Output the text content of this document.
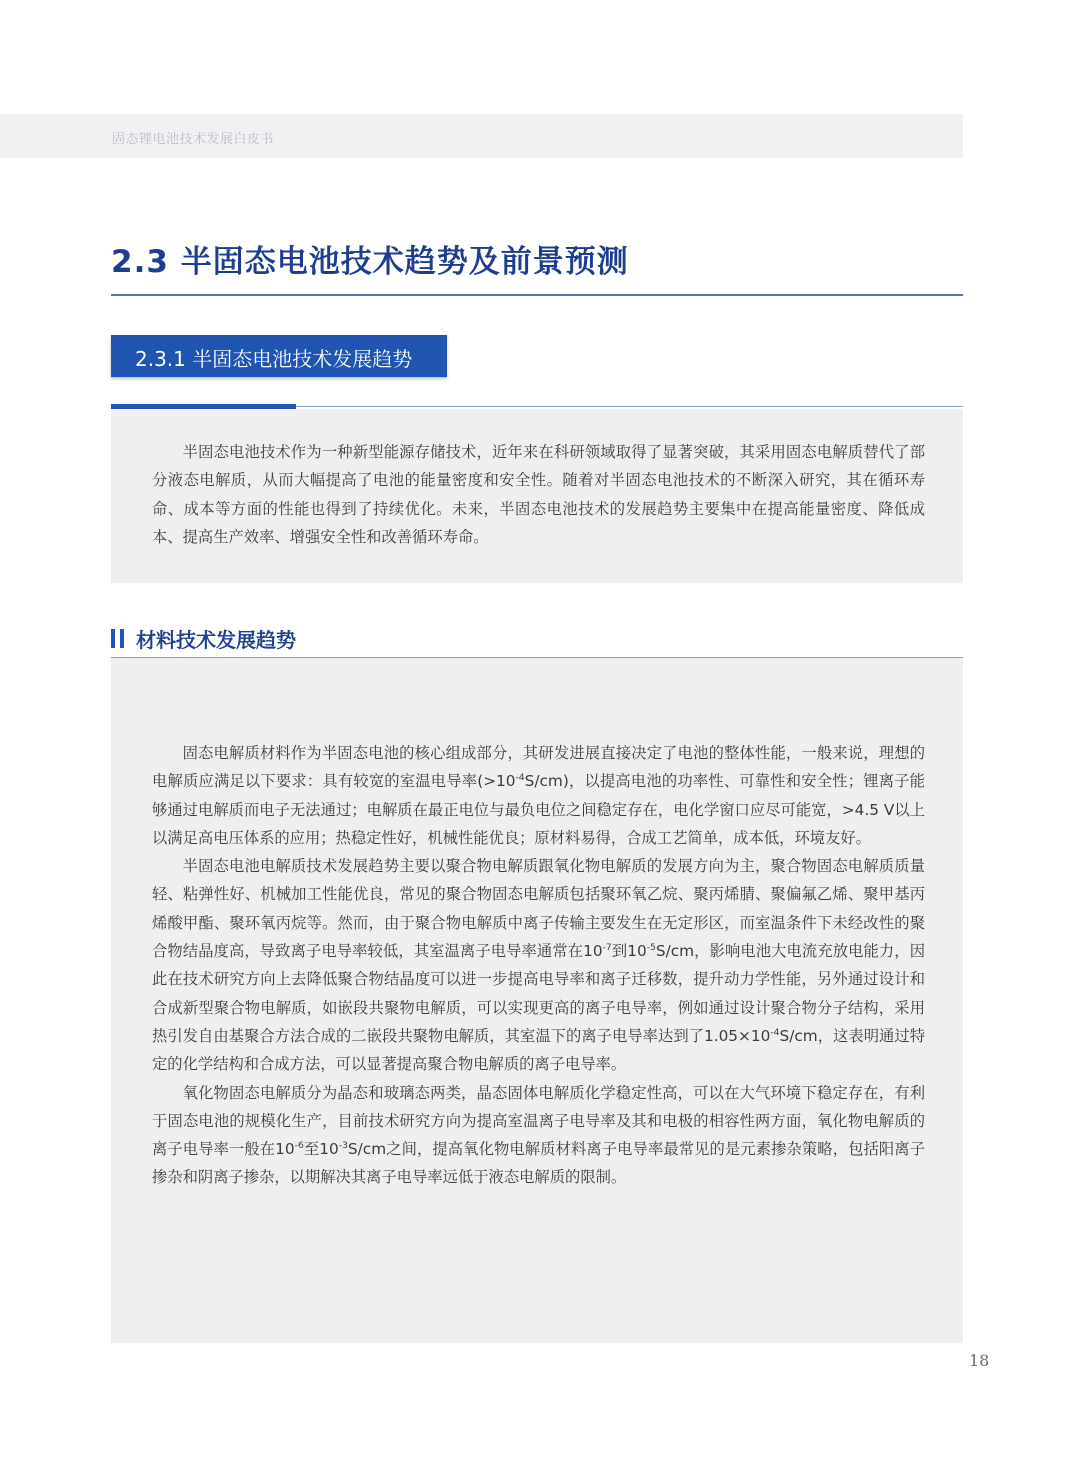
固态锂电池技术发展白皮书
2.3 半固态电池技术趋势及前景预测
2.3.1 半固态电池技术发展趋势

半固态电池技术作为一种新型能源存储技术，近年来在科研领域取得了显著突破，其采用固态电解质替代了部分液态电解质，从而大幅提高了电池的能量密度和安全性。随着对半固态电池技术的不断深入研究，其在循环寿命、成本等方面的性能也得到了持续优化。未来，半固态电池技术的发展趋势主要集中在提高能量密度、降低成本、提高生产效率、增强安全性和改善循环寿命。

材料技术发展趋势

固态电解质材料作为半固态电池的核心组成部分，其研发进展直接决定了电池的整体性能，一般来说，理想的电解质应满足以下要求：具有较宽的室温电导率$(>10^{-4}S/cm)$，以提高电池的功率性、可靠性和安全性；锂离子能够通过电解质而电子无法通过；电解质在最正电位与最负电位之间稳定存在，电化学窗口应尽可能宽，>4.5 V以上以满足高电压体系的应用；热稳定性好，机械性能优良；原材料易得，合成工艺简单，成本低，环境友好。

半固态电池电解质技术发展趋势主要以聚合物电解质跟氧化物电解质的发展方向为主，聚合物固态电解质质量轻、粘弹性好、机械加工性能优良，常见的聚合物固态电解质包括聚环氧乙烷、聚丙烯腈、聚偏氟乙烯、聚甲基丙烯酸甲酯、聚环氧丙烷等。然而，由于聚合物电解质中离子传输主要发生在无定形区，而室温条件下未经改性的聚合物结晶度高，导致离子电导率较低，其室温离子电导率通常在$10^{-7}$到$10^{-5}S/cm$，影响电池大电流充放电能力，因此在技术研究方向上去降低聚合物结晶度可以进一步提高电导率和离子迁移数，提升动力学性能，另外通过设计和合成新型聚合物电解质，如嵌段共聚物电解质，可以实现更高的离子电导率，例如通过设计聚合物分子结构，采用热引发自由基聚合方法合成的二嵌段共聚物电解质，其室温下的离子电导率达到了$1.05\times 10^{-4}S/cm$，这表明通过特定的化学结构和合成方法，可以显著提高聚合物电解质的离子电导率。

氧化物固态电解质分为晶态和玻璃态两类，晶态固体电解质化学稳定性高，可以在大气环境下稳定存在，有利于固态电池的规模化生产，目前技术研究方向为提高室温离子电导率及其和电极的相容性两方面，氧化物电解质的离子电导率一般在$10^{-6}$至$10^{-3}S/cm$之间，提高氧化物电解质材料离子电导率最常见的是元素掺杂策略，包括阳离子掺杂和阴离子掺杂，以期解决其离子电导率远低于液态电解质的限制。

18
